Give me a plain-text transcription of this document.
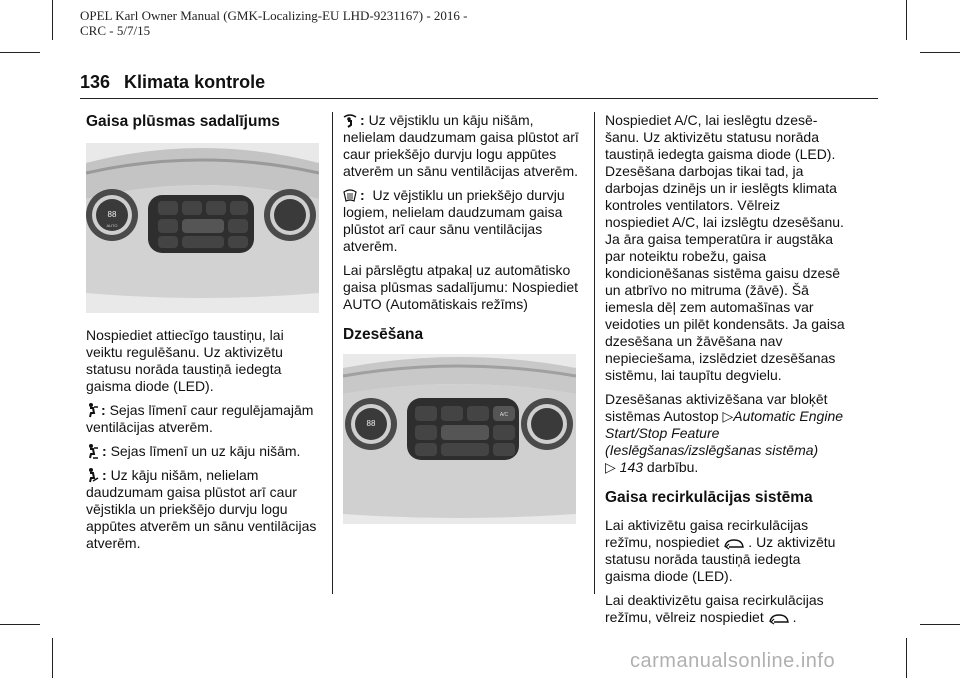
OPEL Karl Owner Manual (GMK-Localizing-EU LHD-9231167) - 2016 -
CRC - 5/7/15
136 Klimata kontrole
Gaisa plūsmas sadalījums
88
AUTO

Nospiediet attiecīgo taustiņu, lai veiktu regulēšanu. Uz aktivizētu statusu norāda taustiņā iedegta gaisma diode (LED).

: Sejas līmenī caur regulējamajām ventilācijas atverēm.

: Sejas līmenī un uz kāju nišām.

: Uz kāju nišām, nelielam daudzumam gaisa plūstot arī caur vējstikla un priekšējo durvju logu appūtes atverēm un sānu ventilācijas atverēm.

: Uz vējstiklu un kāju nišām, nelielam daudzumam gaisa plūstot arī caur priekšējo durvju logu appūtes atverēm un sānu ventilācijas atverēm.

: Uz vējstiklu un priekšējo durvju logiem, nelielam daudzumam gaisa plūstot arī caur sānu ventilācijas atverēm.

Lai pārslēgtu atpakaļ uz automātisko gaisa plūsmas sadalījumu: Nospiediet AUTO (Automātiskais režīms)

Dzesēšana
88
A/C

Nospiediet A/C, lai ieslēgtu dzesēšanu. Uz aktivizētu statusu norāda taustiņā iedegta gaisma diode (LED). Dzesēšana darbojas tikai tad, ja darbojas dzinējs un ir ieslēgts klimata kontroles ventilators. Vēlreiz nospiediet A/C, lai izslēgtu dzesēšanu. Ja āra gaisa temperatūra ir augstāka par noteiktu robežu, gaisa kondicionēšanas sistēma gaisu dzesē un atbrīvo no mitruma (žāvē). Šā iemesla dēļ zem automašīnas var veidoties un pilēt kondensāts. Ja gaisa dzesēšana un žāvēšana nav nepieciešama, izslēdziet dzesēšanas sistēmu, lai taupītu degvielu.

Dzesēšanas aktivizēšana var bloķēt sistēmas Autostop ▷Automatic Engine Start/Stop Feature (Ieslēgšanas/izslēgšanas sistēma)
▷ 143 darbību.

Gaisa recirkulācijas sistēma

Lai aktivizētu gaisa recirkulācijas režīmu, nospiediet . Uz aktivizētu statusu norāda taustiņā iedegta gaisma diode (LED).

Lai deaktivizētu gaisa recirkulācijas režīmu, vēlreiz nospiediet .

carmanualsonline.info
